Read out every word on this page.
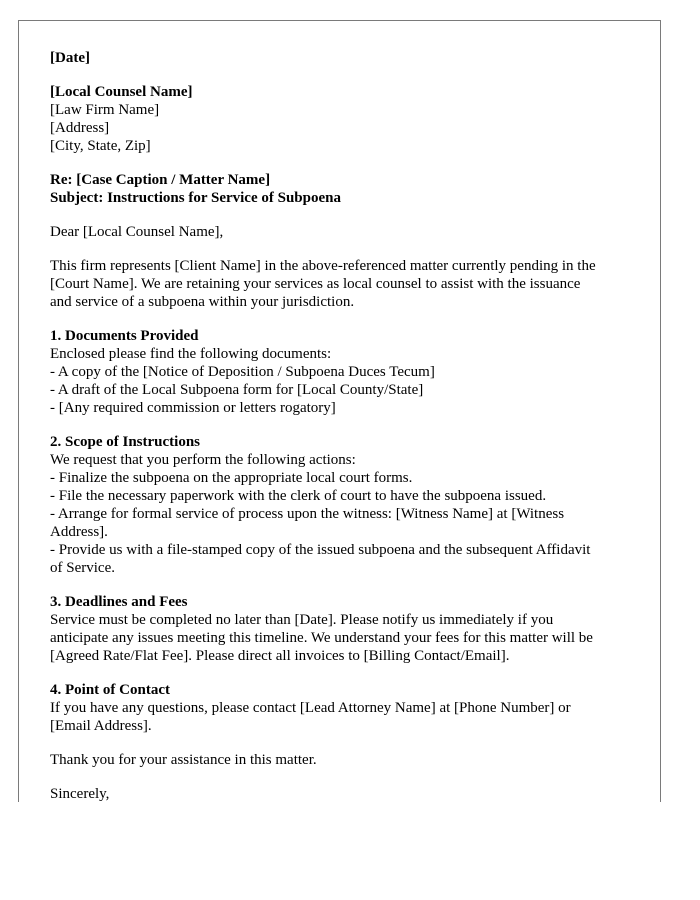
[Date]
[Local Counsel Name]
[Law Firm Name]
[Address]
[City, State, Zip]
Re: [Case Caption / Matter Name]
Subject: Instructions for Service of Subpoena
Dear [Local Counsel Name],
This firm represents [Client Name] in the above-referenced matter currently pending in the
[Court Name]. We are retaining your services as local counsel to assist with the issuance
and service of a subpoena within your jurisdiction.
1. Documents Provided
Enclosed please find the following documents:
- A copy of the [Notice of Deposition / Subpoena Duces Tecum]
- A draft of the Local Subpoena form for [Local County/State]
- [Any required commission or letters rogatory]
2. Scope of Instructions
We request that you perform the following actions:
- Finalize the subpoena on the appropriate local court forms.
- File the necessary paperwork with the clerk of court to have the subpoena issued.
- Arrange for formal service of process upon the witness: [Witness Name] at [Witness
Address].
- Provide us with a file-stamped copy of the issued subpoena and the subsequent Affidavit
of Service.
3. Deadlines and Fees
Service must be completed no later than [Date]. Please notify us immediately if you
anticipate any issues meeting this timeline. We understand your fees for this matter will be
[Agreed Rate/Flat Fee]. Please direct all invoices to [Billing Contact/Email].
4. Point of Contact
If you have any questions, please contact [Lead Attorney Name] at [Phone Number] or
[Email Address].
Thank you for your assistance in this matter.
Sincerely,
